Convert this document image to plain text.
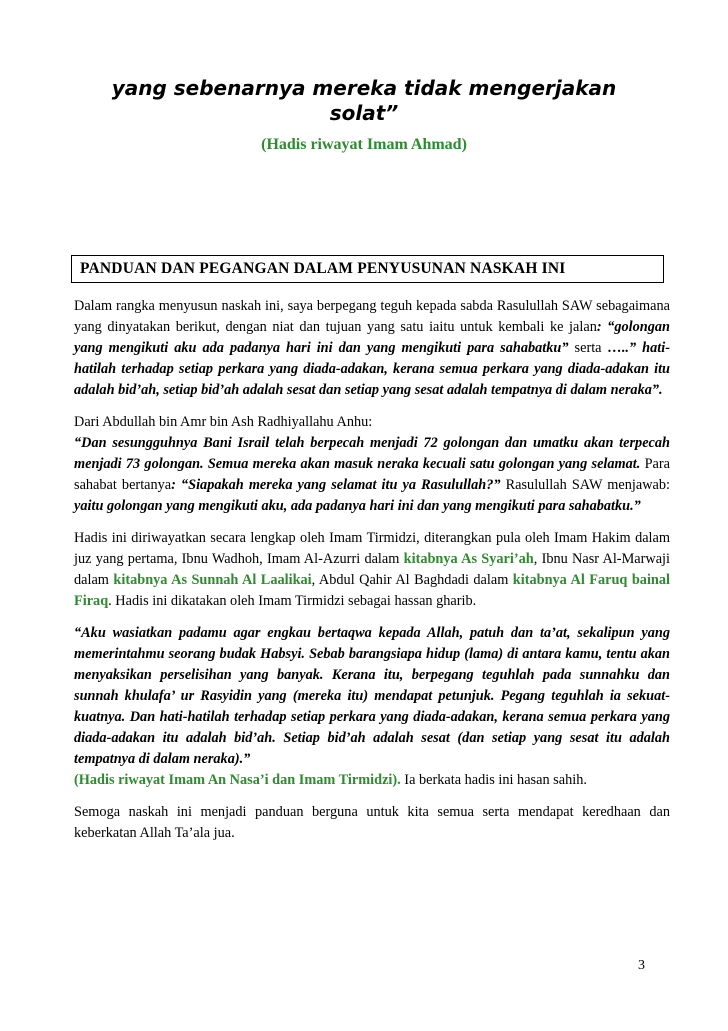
yang sebenarnya mereka tidak mengerjakan
solat”
(Hadis riwayat Imam Ahmad)
PANDUAN DAN PEGANGAN DALAM PENYUSUNAN NASKAH INI

Dalam rangka menyusun naskah ini, saya berpegang teguh kepada sabda Rasulullah SAW sebagaimana yang dinyatakan berikut, dengan niat dan tujuan yang satu iaitu untuk kembali ke jalan: “golongan yang mengikuti aku ada padanya hari ini dan yang mengikuti para sahabatku” serta …..” hati-hatilah terhadap setiap perkara yang diada-adakan, kerana semua perkara yang diada-adakan itu adalah bid’ah, setiap bid’ah adalah sesat dan setiap yang sesat adalah tempatnya di dalam neraka”.

Dari Abdullah bin Amr bin Ash Radhiyallahu Anhu:
“Dan sesungguhnya Bani Israil telah berpecah menjadi 72 golongan dan umatku akan terpecah menjadi 73 golongan. Semua mereka akan masuk neraka kecuali satu golongan yang selamat. Para sahabat bertanya: “Siapakah mereka yang selamat itu ya Rasulullah?” Rasulullah SAW menjawab: yaitu golongan yang mengikuti aku, ada padanya hari ini dan yang mengikuti para sahabatku.”

Hadis ini diriwayatkan secara lengkap oleh Imam Tirmidzi, diterangkan pula oleh Imam Hakim dalam juz yang pertama, Ibnu Wadhoh, Imam Al-Azurri dalam kitabnya As Syari’ah, Ibnu Nasr Al-Marwaji dalam kitabnya As Sunnah Al Laalikai, Abdul Qahir Al Baghdadi dalam kitabnya Al Faruq bainal Firaq. Hadis ini dikatakan oleh Imam Tirmidzi sebagai hassan gharib.

“Aku wasiatkan padamu agar engkau bertaqwa kepada Allah, patuh dan ta’at, sekalipun yang memerintahmu seorang budak Habsyi. Sebab barangsiapa hidup (lama) di antara kamu, tentu akan menyaksikan perselisihan yang banyak. Kerana itu, berpegang teguhlah pada sunnahku dan sunnah khulafa’ ur Rasyidin yang (mereka itu) mendapat petunjuk. Pegang teguhlah ia sekuat-kuatnya. Dan hati-hatilah terhadap setiap perkara yang diada-adakan, kerana semua perkara yang diada-adakan itu adalah bid’ah. Setiap bid’ah adalah sesat (dan setiap yang sesat itu adalah tempatnya di dalam neraka).”
(Hadis riwayat Imam An Nasa’i dan Imam Tirmidzi). Ia berkata hadis ini hasan sahih.

Semoga naskah ini menjadi panduan berguna untuk kita semua serta mendapat keredhaan dan keberkatan Allah Ta’ala jua.

3
